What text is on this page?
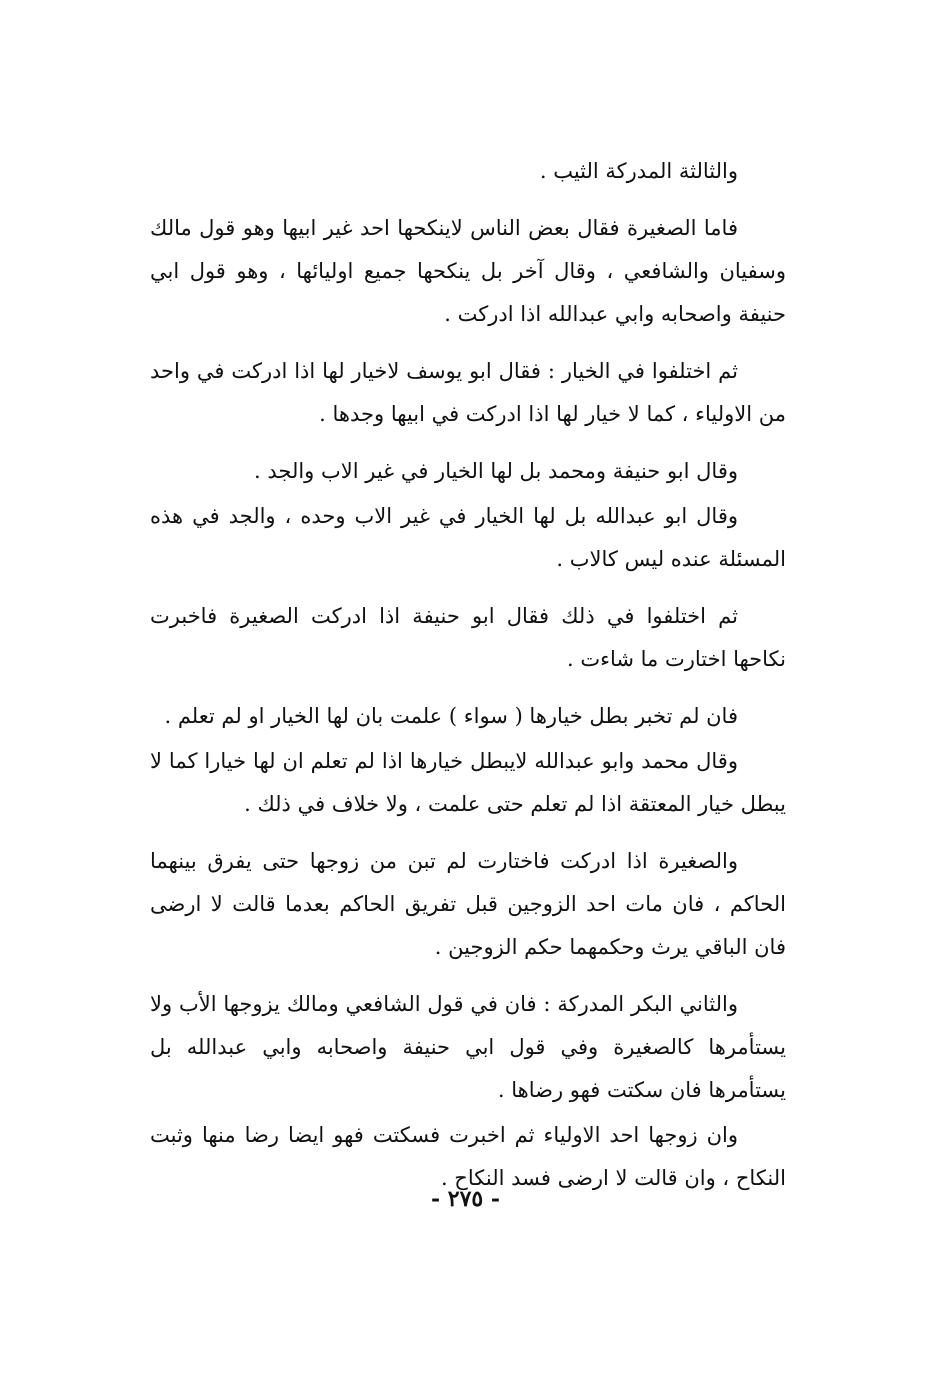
والثالثة المدركة الثيب .

فاما الصغيرة فقال بعض الناس لاينكحها احد غير ابيها وهو قول مالك وسفيان والشافعي ، وقال آخر بل ينكحها جميع اوليائها ، وهو قول ابي حنيفة واصحابه وابي عبدالله اذا ادركت .

ثم اختلفوا في الخيار : فقال ابو يوسف لاخيار لها اذا ادركت في واحد من الاولياء ، كما لا خيار لها اذا ادركت في ابيها وجدها .

وقال ابو حنيفة ومحمد بل لها الخيار في غير الاب والجد .

وقال ابو عبدالله بل لها الخيار في غير الاب وحده ، والجد في هذه المسئلة عنده ليس كالاب .

ثم اختلفوا في ذلك فقال ابو حنيفة اذا ادركت الصغيرة فاخبرت نكاحها اختارت ما شاءت .

فان لم تخبر بطل خيارها ( سواء ) علمت بان لها الخيار او لم تعلم .

وقال محمد وابو عبدالله لايبطل خيارها اذا لم تعلم ان لها خيارا كما لا يبطل خيار المعتقة اذا لم تعلم حتى علمت ، ولا خلاف في ذلك .

والصغيرة اذا ادركت فاختارت لم تبن من زوجها حتى يفرق بينهما الحاكم ، فان مات احد الزوجين قبل تفريق الحاكم بعدما قالت لا ارضى فان الباقي يرث وحكمهما حكم الزوجين .

والثاني البكر المدركة : فان في قول الشافعي ومالك يزوجها الأب ولا يستأمرها كالصغيرة وفي قول ابي حنيفة واصحابه وابي عبدالله بل يستأمرها فان سكتت فهو رضاها .

وان زوجها احد الاولياء ثم اخبرت فسكتت فهو ايضا رضا منها وثبت النكاح ، وان قالت لا ارضى فسد النكاح .

- ٢٧٥ -
